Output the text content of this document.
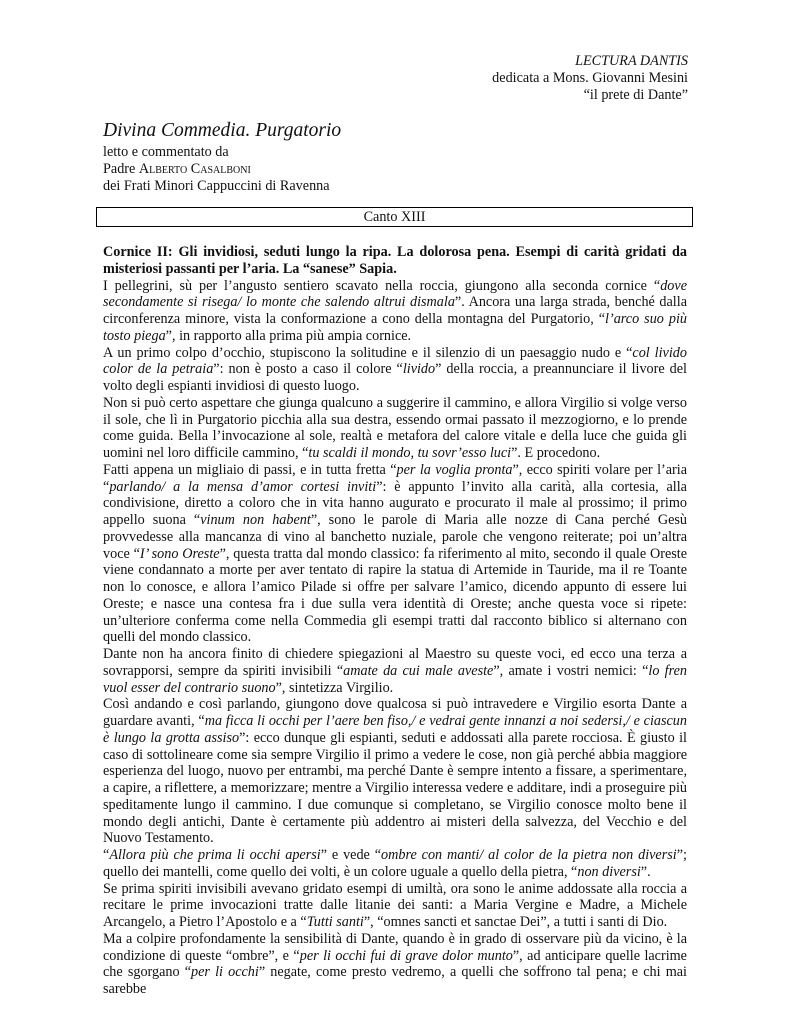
LECTURA DANTIS
dedicata a Mons. Giovanni Mesini
“il prete di Dante”
Divina Commedia. Purgatorio
letto e commentato da
Padre Alberto Casalboni
dei Frati Minori Cappuccini di Ravenna
Canto XIII

Cornice II: Gli invidiosi, seduti lungo la ripa. La dolorosa pena. Esempi di carità gridati da misteriosi passanti per l’aria. La “sanese” Sapia.

I pellegrini, sù per l’angusto sentiero scavato nella roccia, giungono alla seconda cornice “dove secondamente si risega/ lo monte che salendo altrui dismala”. Ancora una larga strada, benché dalla circonferenza minore, vista la conformazione a cono della montagna del Purgatorio, “l’arco suo più tosto piega”, in rapporto alla prima più ampia cornice.

A un primo colpo d’occhio, stupiscono la solitudine e il silenzio di un paesaggio nudo e “col livido color de la petraia”: non è posto a caso il colore “livido” della roccia, a preannunciare il livore del volto degli espianti invidiosi di questo luogo.

Non si può certo aspettare che giunga qualcuno a suggerire il cammino, e allora Virgilio si volge verso il sole, che lì in Purgatorio picchia alla sua destra, essendo ormai passato il mezzogiorno, e lo prende come guida. Bella l’invocazione al sole, realtà e metafora del calore vitale e della luce che guida gli uomini nel loro difficile cammino, “tu scaldi il mondo, tu sovr’esso luci”. E procedono.

Fatti appena un migliaio di passi, e in tutta fretta “per la voglia pronta”, ecco spiriti volare per l’aria “parlando/ a la mensa d’amor cortesi inviti”: è appunto l’invito alla carità, alla cortesia, alla condivisione, diretto a coloro che in vita hanno augurato e procurato il male al prossimo; il primo appello suona “vinum non habent”, sono le parole di Maria alle nozze di Cana perché Gesù provvedesse alla mancanza di vino al banchetto nuziale, parole che vengono reiterate; poi un’altra voce “I’ sono Oreste”, questa tratta dal mondo classico: fa riferimento al mito, secondo il quale Oreste viene condannato a morte per aver tentato di rapire la statua di Artemide in Tauride, ma il re Toante non lo conosce, e allora l’amico Pilade si offre per salvare l’amico, dicendo appunto di essere lui Oreste; e nasce una contesa fra i due sulla vera identità di Oreste; anche questa voce si ripete: un’ulteriore conferma come nella Commedia gli esempi tratti dal racconto biblico si alternano con quelli del mondo classico.

Dante non ha ancora finito di chiedere spiegazioni al Maestro su queste voci, ed ecco una terza a sovrapporsi, sempre da spiriti invisibili “amate da cui male aveste”, amate i vostri nemici: “lo fren vuol esser del contrario suono”, sintetizza Virgilio.

Così andando e così parlando, giungono dove qualcosa si può intravedere e Virgilio esorta Dante a guardare avanti, “ma ficca li occhi per l’aere ben fiso,/ e vedrai gente innanzi a noi sedersi,/ e ciascun è lungo la grotta assiso”: ecco dunque gli espianti, seduti e addossati alla parete rocciosa. È giusto il caso di sottolineare come sia sempre Virgilio il primo a vedere le cose, non già perché abbia maggiore esperienza del luogo, nuovo per entrambi, ma perché Dante è sempre intento a fissare, a sperimentare, a capire, a riflettere, a memorizzare; mentre a Virgilio interessa vedere e additare, indi a proseguire più speditamente lungo il cammino. I due comunque si completano, se Virgilio conosce molto bene il mondo degli antichi, Dante è certamente più addentro ai misteri della salvezza, del Vecchio e del Nuovo Testamento.

“Allora più che prima li occhi apersi” e vede “ombre con manti/ al color de la pietra non diversi”; quello dei mantelli, come quello dei volti, è un colore uguale a quello della pietra, “non diversi”.

Se prima spiriti invisibili avevano gridato esempi di umiltà, ora sono le anime addossate alla roccia a recitare le prime invocazioni tratte dalle litanie dei santi: a Maria Vergine e Madre, a Michele Arcangelo, a Pietro l’Apostolo e a “Tutti santi”, “omnes sancti et sanctae Dei”, a tutti i santi di Dio.

Ma a colpire profondamente la sensibilità di Dante, quando è in grado di osservare più da vicino, è la condizione di queste “ombre”, e “per li occhi fui di grave dolor munto”, ad anticipare quelle lacrime che sgorgano “per li occhi” negate, come presto vedremo, a quelli che soffrono tal pena; e chi mai sarebbe
